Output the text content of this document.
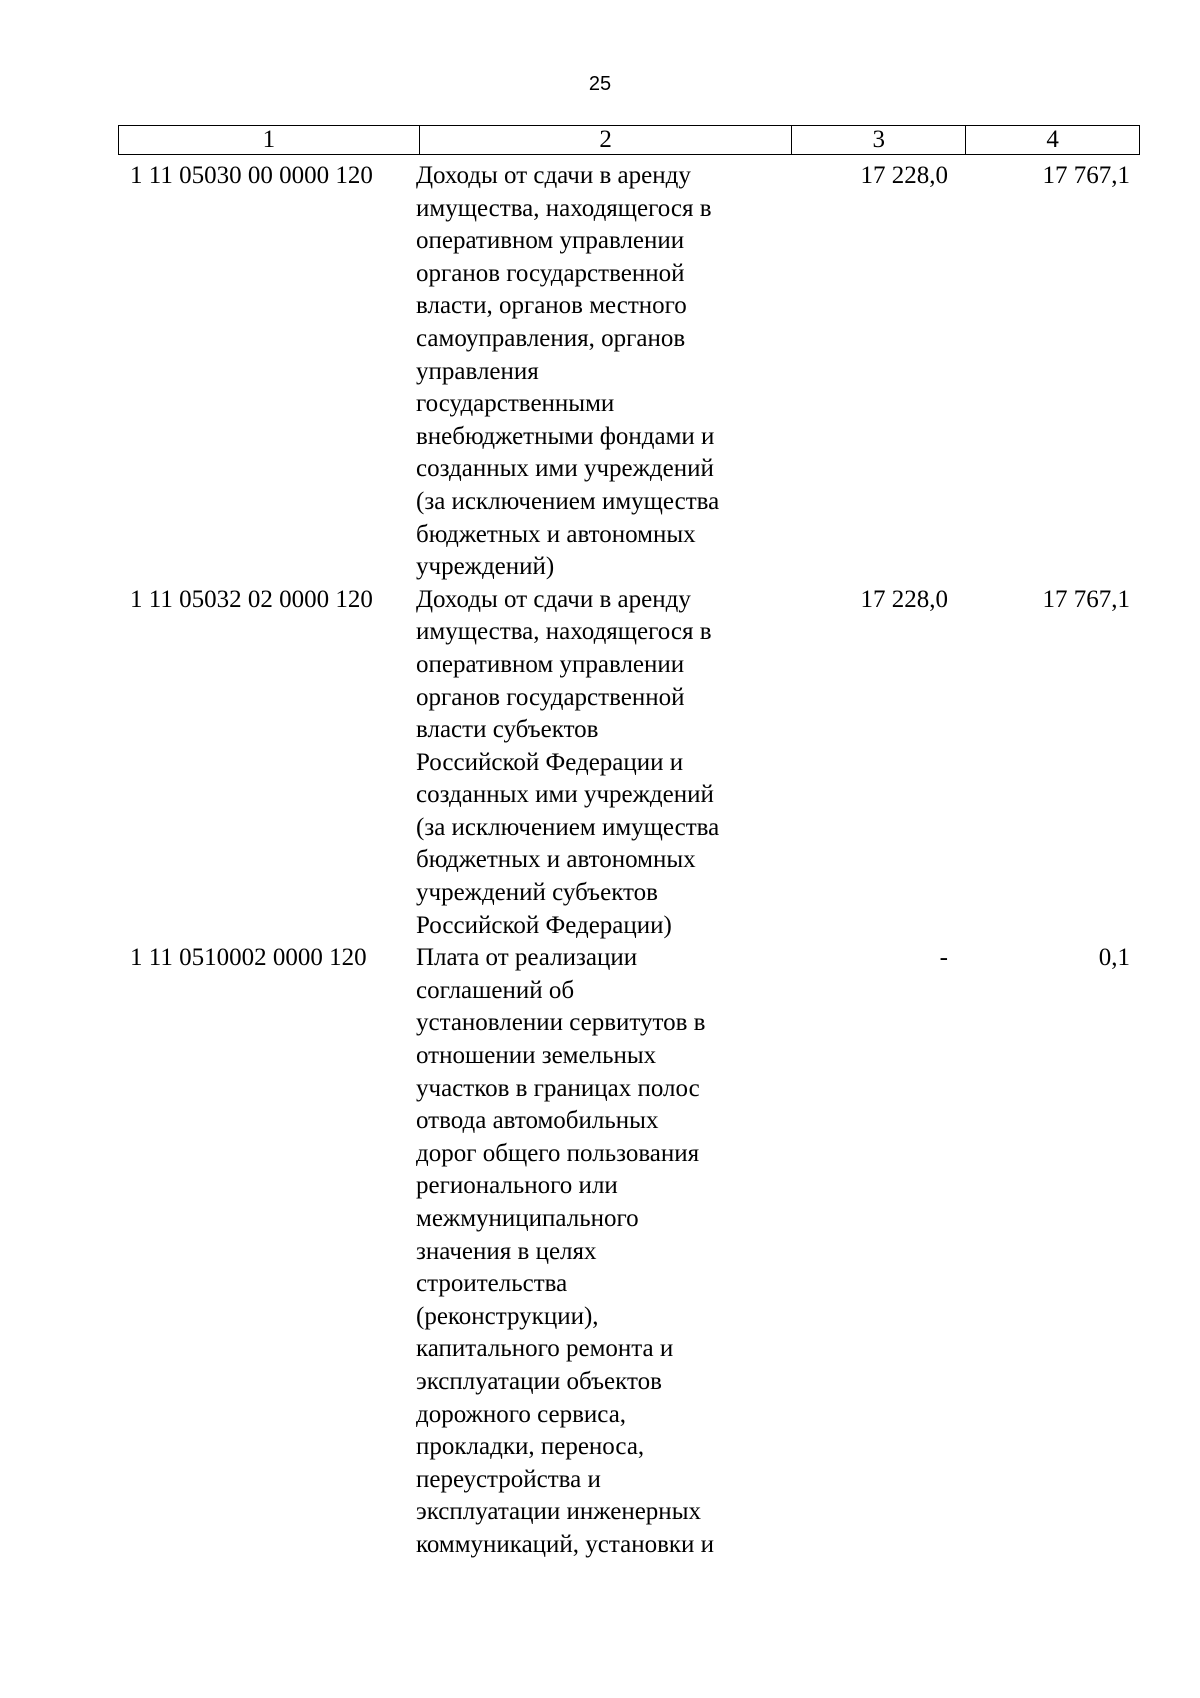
25
1	2	3	4
1 11 05030 00 0000 120	Доходы от сдачи в аренду
имущества, находящегося в
оперативном управлении
органов государственной
власти, органов местного
самоуправления, органов
управления
государственными
внебюджетными фондами и
созданных ими учреждений
(за исключением имущества
бюджетных и автономных
учреждений)
17 228,0	17 767,1
1 11 05032 02 0000 120	Доходы от сдачи в аренду
имущества, находящегося в
оперативном управлении
органов государственной
власти субъектов
Российской Федерации и
созданных ими учреждений
(за исключением имущества
бюджетных и автономных
учреждений субъектов
Российской Федерации)
17 228,0	17 767,1
1 11 0510002 0000 120	Плата от реализации
соглашений об
установлении сервитутов в
отношении земельных
участков в границах полос
отвода автомобильных
дорог общего пользования
регионального или
межмуниципального
значения в целях
строительства
(реконструкции),
капитального ремонта и
эксплуатации объектов
дорожного сервиса,
прокладки, переноса,
переустройства и
эксплуатации инженерных
коммуникаций, установки и
-	0,1
